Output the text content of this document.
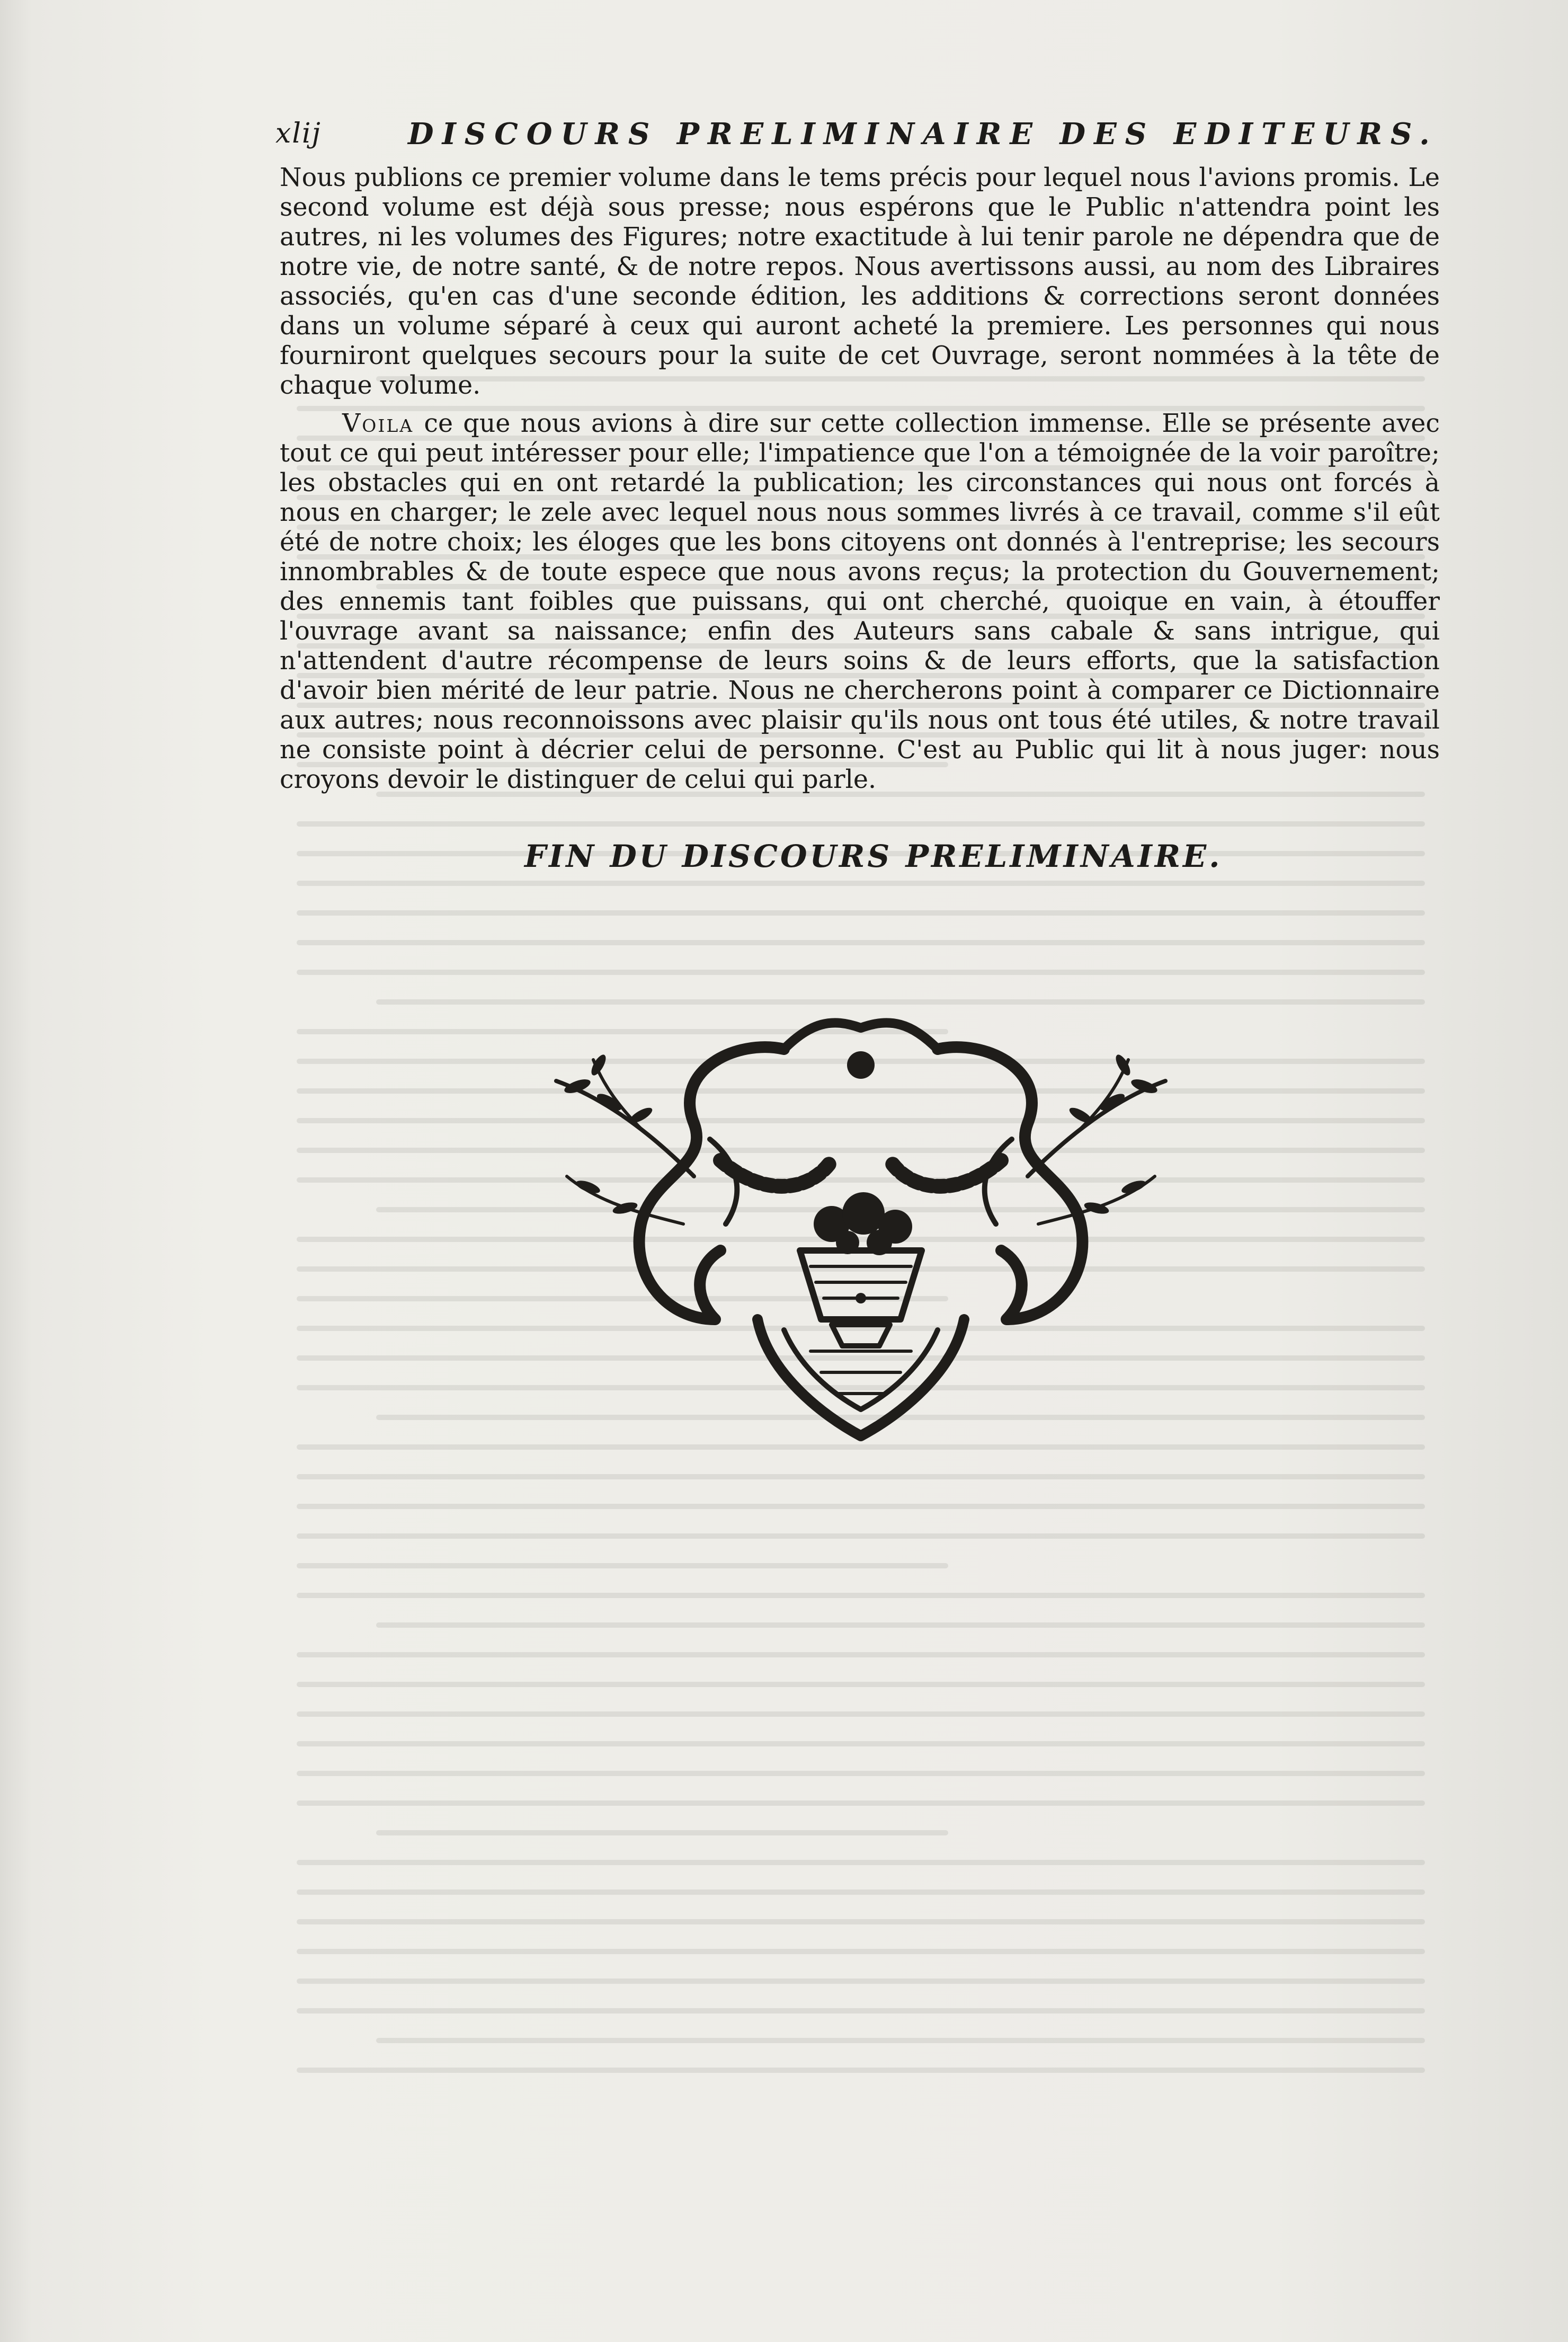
xlij	DISCOURS PRELIMINAIRE DES EDITEURS.

Nous publions ce premier volume dans le tems précis pour lequel nous l'avions promis. Le second volume est déjà sous presse; nous espérons que le Public n'attendra point les autres, ni les volumes des Figures; notre exactitude à lui tenir parole ne dépendra que de notre vie, de notre santé, & de notre repos. Nous avertissons aussi, au nom des Libraires associés, qu'en cas d'une seconde édition, les additions & corrections seront données dans un volume séparé à ceux qui auront acheté la premiere. Les personnes qui nous fourniront quelques secours pour la suite de cet Ouvrage, seront nommées à la tête de chaque volume.

Voila ce que nous avions à dire sur cette collection immense. Elle se présente avec tout ce qui peut intéresser pour elle; l'impatience que l'on a témoignée de la voir paroître; les obstacles qui en ont retardé la publication; les circonstances qui nous ont forcés à nous en charger; le zele avec lequel nous nous sommes livrés à ce travail, comme s'il eût été de notre choix; les éloges que les bons citoyens ont donnés à l'entreprise; les secours innombrables & de toute espece que nous avons reçus; la protection du Gouvernement; des ennemis tant foibles que puissans, qui ont cherché, quoique en vain, à étouffer l'ouvrage avant sa naissance; enfin des Auteurs sans cabale & sans intrigue, qui n'attendent d'autre récompense de leurs soins & de leurs efforts, que la satisfaction d'avoir bien mérité de leur patrie. Nous ne chercherons point à comparer ce Dictionnaire aux autres; nous reconnoissons avec plaisir qu'ils nous ont tous été utiles, & notre travail ne consiste point à décrier celui de personne. C'est au Public qui lit à nous juger: nous croyons devoir le distinguer de celui qui parle.

FIN DU DISCOURS PRELIMINAIRE.
